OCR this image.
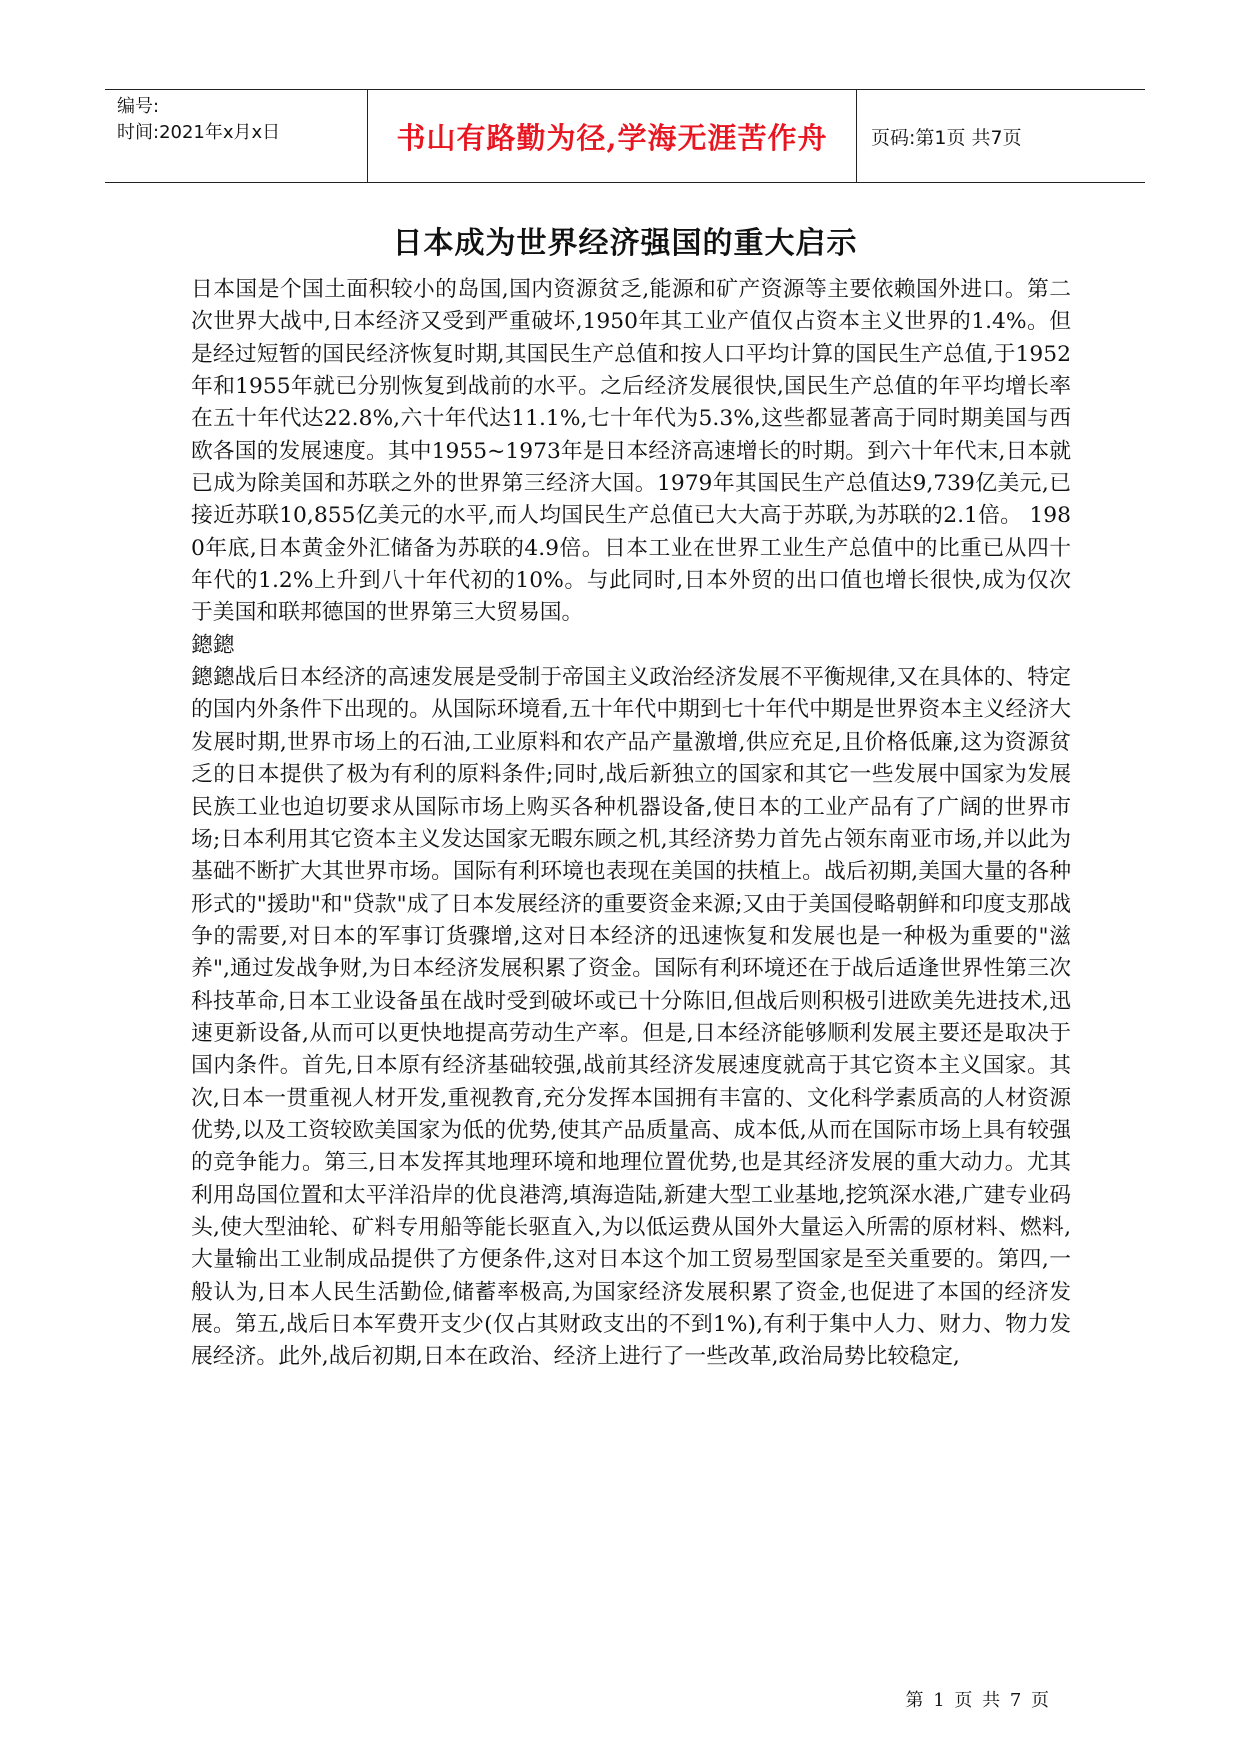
编号:
时间:2021年x月x日	书山有路勤为径,学海无涯苦作舟	页码:第1页 共7页
日本成为世界经济强国的重大启示

日本国是个国土面积较小的岛国,国内资源贫乏,能源和矿产资源等主要依赖国外进口。第二次世界大战中,日本经济又受到严重破坏,1950年其工业产值仅占资本主义世界的1.4%。但是经过短暂的国民经济恢复时期,其国民生产总值和按人口平均计算的国民生产总值,于1952年和1955年就已分别恢复到战前的水平。之后经济发展很快,国民生产总值的年平均增长率在五十年代达22.8%,六十年代达11.1%,七十年代为5.3%,这些都显著高于同时期美国与西欧各国的发展速度。其中1955~1973年是日本经济高速增长的时期。到六十年代末,日本就已成为除美国和苏联之外的世界第三经济大国。1979年其国民生产总值达9,739亿美元,已接近苏联10,855亿美元的水平,而人均国民生产总值已大大高于苏联,为苏联的2.1倍。 1980年底,日本黄金外汇储备为苏联的4.9倍。日本工业在世界工业生产总值中的比重已从四十年代的1.2%上升到八十年代初的10%。与此同时,日本外贸的出口值也增长很快,成为仅次于美国和联邦德国的世界第三大贸易国。

鏓鏓

鏓鏓战后日本经济的高速发展是受制于帝国主义政治经济发展不平衡规律,又在具体的、特定的国内外条件下出现的。从国际环境看,五十年代中期到七十年代中期是世界资本主义经济大发展时期,世界市场上的石油,工业原料和农产品产量激增,供应充足,且价格低廉,这为资源贫乏的日本提供了极为有利的原料条件;同时,战后新独立的国家和其它一些发展中国家为发展民族工业也迫切要求从国际市场上购买各种机器设备,使日本的工业产品有了广阔的世界市场;日本利用其它资本主义发达国家无暇东顾之机,其经济势力首先占领东南亚市场,并以此为基础不断扩大其世界市场。国际有利环境也表现在美国的扶植上。战后初期,美国大量的各种形式的"援助"和"贷款"成了日本发展经济的重要资金来源;又由于美国侵略朝鲜和印度支那战争的需要,对日本的军事订货骤增,这对日本经济的迅速恢复和发展也是一种极为重要的"滋养",通过发战争财,为日本经济发展积累了资金。国际有利环境还在于战后适逢世界性第三次科技革命,日本工业设备虽在战时受到破坏或已十分陈旧,但战后则积极引进欧美先进技术,迅速更新设备,从而可以更快地提高劳动生产率。但是,日本经济能够顺利发展主要还是取决于国内条件。首先,日本原有经济基础较强,战前其经济发展速度就高于其它资本主义国家。其次,日本一贯重视人材开发,重视教育,充分发挥本国拥有丰富的、文化科学素质高的人材资源优势,以及工资较欧美国家为低的优势,使其产品质量高、成本低,从而在国际市场上具有较强的竞争能力。第三,日本发挥其地理环境和地理位置优势,也是其经济发展的重大动力。尤其利用岛国位置和太平洋沿岸的优良港湾,填海造陆,新建大型工业基地,挖筑深水港,广建专业码头,使大型油轮、矿料专用船等能长驱直入,为以低运费从国外大量运入所需的原材料、燃料,大量输出工业制成品提供了方便条件,这对日本这个加工贸易型国家是至关重要的。第四,一般认为,日本人民生活勤俭,储蓄率极高,为国家经济发展积累了资金,也促进了本国的经济发展。第五,战后日本军费开支少(仅占其财政支出的不到1%),有利于集中人力、财力、物力发展经济。此外,战后初期,日本在政治、经济上进行了一些改革,政治局势比较稳定,

第 1 页 共 7 页
